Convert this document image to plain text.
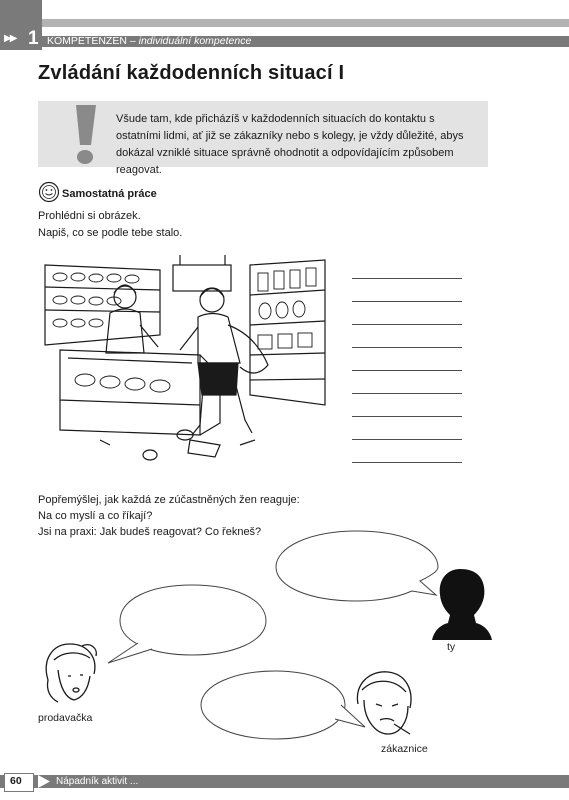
▶▶ 1 KOMPETENZEN – individuální kompetence
Zvládání každodenních situací I
Všude tam, kde přicházíš v každodenních situacích do kontaktu s ostatními lidmi, ať již se zákazníky nebo s kolegy, je vždy důležité, abys dokázal vzniklé situace správně ohodnotit a odpovídajícím způsobem reagovat.
Samostatná práce
Prohlédni si obrázek.
Napiš, co se podle tebe stalo.
Popřemýšlej, jak každá ze zúčastněných žen reaguje:
Na co myslí a co říkají?
Jsi na praxi: Jak budeš reagovat? Co řekneš?
ty
prodavačka
zákaznice
60	Nápadník aktivit ...
